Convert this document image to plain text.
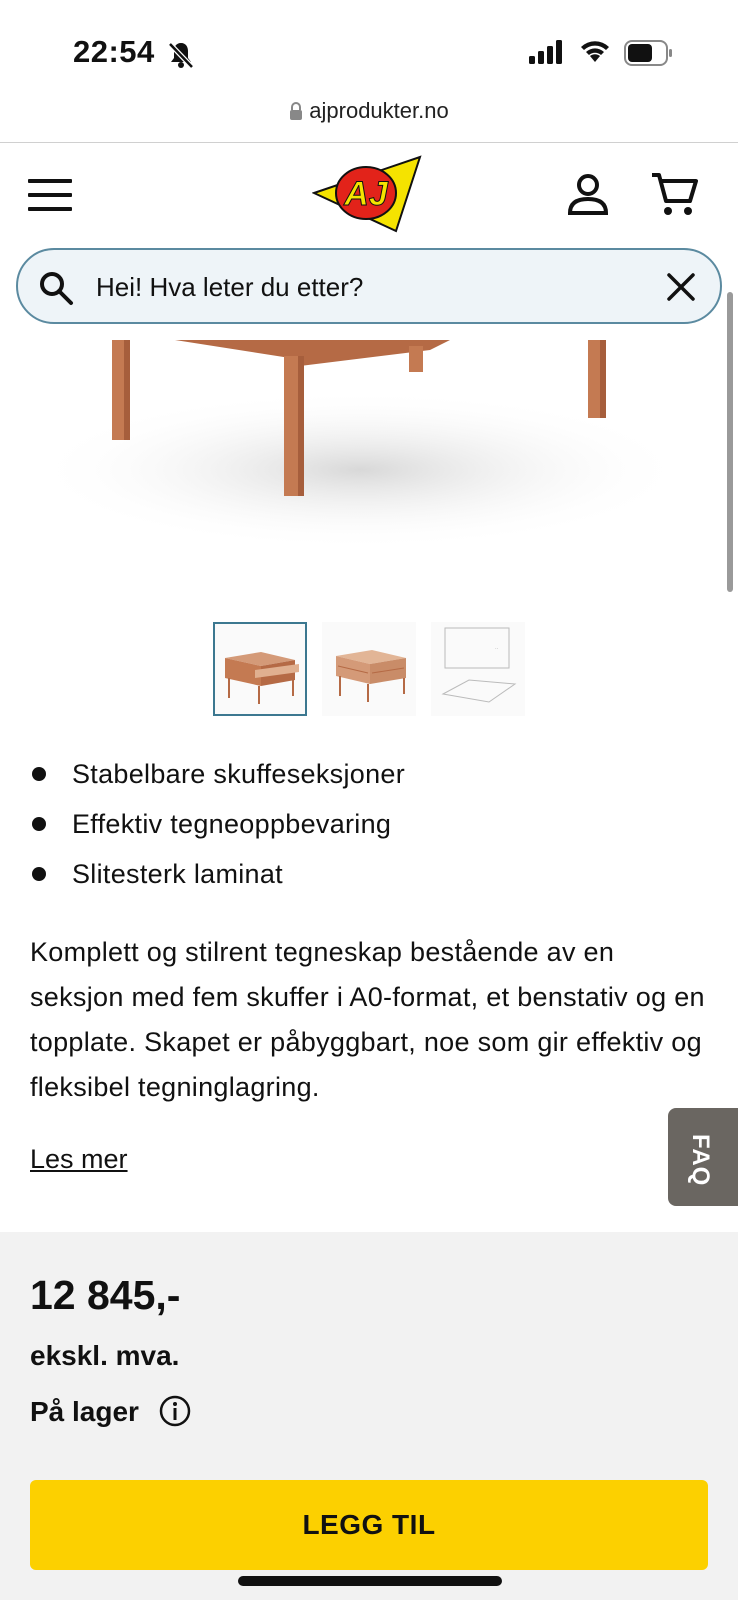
22:54
ajprodukter.no
AJ
Hei! Hva leter du etter?
··
Stabelbare skuffeseksjoner
Effektiv tegneoppbevaring
Slitesterk laminat

Komplett og stilrent tegneskap bestående av en seksjon med fem skuffer i A0-format, et benstativ og en topplate. Skapet er påbyggbart, noe som gir effektiv og fleksibel tegninglagring.

Les mer	FAQ
12 845,-
ekskl. mva.
På lager
LEGG TIL
